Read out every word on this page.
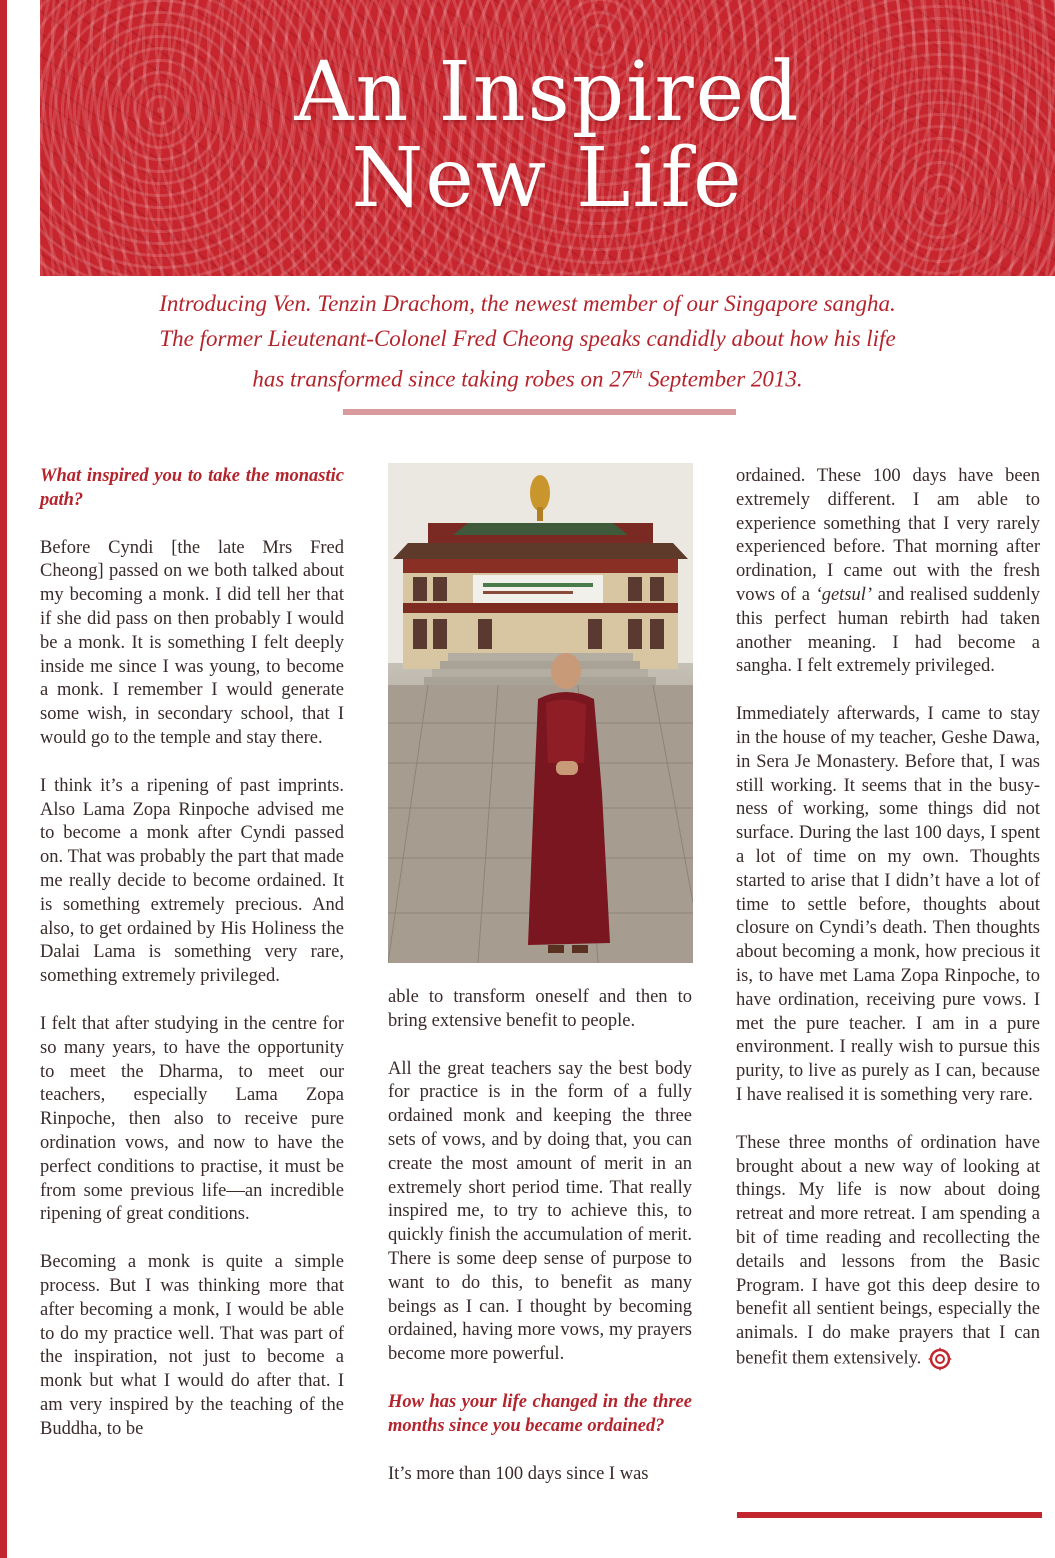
An Inspired
New Life
Introducing Ven. Tenzin Drachom, the newest member of our Singapore sangha.
The former Lieutenant-Colonel Fred Cheong speaks candidly about how his life
has transformed since taking robes on 27th September 2013.

What inspired you to take the monastic path?

Before Cyndi [the late Mrs Fred Cheong] passed on we both talked about my becoming a monk. I did tell her that if she did pass on then probably I would be a monk. It is something I felt deeply inside me since I was young, to become a monk. I remember I would generate some wish, in secondary school, that I would go to the temple and stay there.

I think it’s a ripening of past imprints. Also Lama Zopa Rinpoche advised me to become a monk after Cyndi passed on. That was probably the part that made me really decide to become ordained. It is something extremely precious. And also, to get ordained by His Holiness the Dalai Lama is something very rare, something extremely privileged.

I felt that after studying in the centre for so many years, to have the opportunity to meet the Dharma, to meet our teachers, especially Lama Zopa Rinpoche, then also to receive pure ordination vows, and now to have the perfect conditions to practise, it must be from some previous life—an incredible ripening of great conditions.

Becoming a monk is quite a simple process. But I was thinking more that after becoming a monk, I would be able to do my practice well. That was part of the inspiration, not just to become a monk but what I would do after that. I am very inspired by the teaching of the Buddha, to be

able to transform oneself and then to bring extensive benefit to people.

All the great teachers say the best body for practice is in the form of a fully ordained monk and keeping the three sets of vows, and by doing that, you can create the most amount of merit in an extremely short period time. That really inspired me, to try to achieve this, to quickly finish the accumulation of merit. There is some deep sense of purpose to want to do this, to benefit as many beings as I can. I thought by becoming ordained, having more vows, my prayers become more powerful.

How has your life changed in the three months since you became ordained?

It’s more than 100 days since I was

ordained. These 100 days have been extremely different. I am able to experience something that I very rarely experienced before. That morning after ordination, I came out with the fresh vows of a ‘getsul’ and realised suddenly this perfect human rebirth had taken another meaning. I had become a sangha. I felt extremely privileged.

Immediately afterwards, I came to stay in the house of my teacher, Geshe Dawa, in Sera Je Monastery. Before that, I was still working. It seems that in the busy-ness of working, some things did not surface. During the last 100 days, I spent a lot of time on my own. Thoughts started to arise that I didn’t have a lot of time to settle before, thoughts about closure on Cyndi’s death. Then thoughts about becoming a monk, how precious it is, to have met Lama Zopa Rinpoche, to have ordination, receiving pure vows. I met the pure teacher. I am in a pure environment. I really wish to pursue this purity, to live as purely as I can, because I have realised it is something very rare.

These three months of ordination have brought about a new way of looking at things. My life is now about doing retreat and more retreat. I am spending a bit of time reading and recollecting the details and lessons from the Basic Program. I have got this deep desire to benefit all sentient beings, especially the animals. I do make prayers that I can benefit them extensively.
